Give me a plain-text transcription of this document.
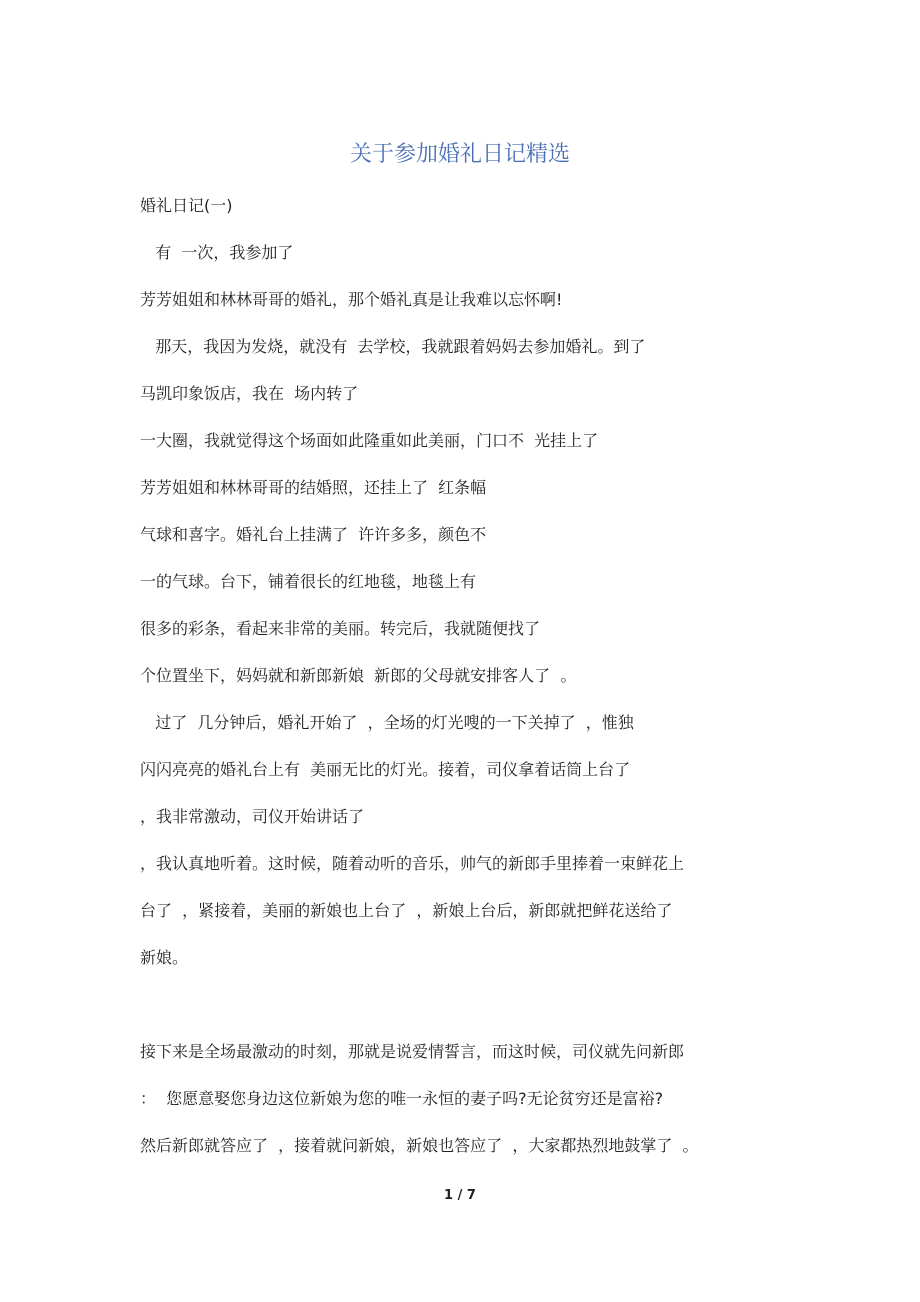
关于参加婚礼日记精选
婚礼日记(一)
有  一次，我参加了
芳芳姐姐和林林哥哥的婚礼，那个婚礼真是让我难以忘怀啊!
那天，我因为发烧，就没有  去学校，我就跟着妈妈去参加婚礼。到了
马凯印象饭店，我在  场内转了
一大圈，我就觉得这个场面如此隆重如此美丽，门口不  光挂上了
芳芳姐姐和林林哥哥的结婚照，还挂上了  红条幅
气球和喜字。婚礼台上挂满了  许许多多，颜色不
一的气球。台下，铺着很长的红地毯，地毯上有
很多的彩条，看起来非常的美丽。转完后，我就随便找了
个位置坐下，妈妈就和新郎新娘  新郎的父母就安排客人了  。
过了  几分钟后，婚礼开始了  ，全场的灯光嗖的一下关掉了  ，惟独
闪闪亮亮的婚礼台上有  美丽无比的灯光。接着，司仪拿着话筒上台了
，我非常激动，司仪开始讲话了
，我认真地听着。这时候，随着动听的音乐，帅气的新郎手里捧着一束鲜花上
台了  ，紧接着，美丽的新娘也上台了  ，新娘上台后，新郎就把鲜花送给了
新娘。
接下来是全场最激动的时刻，那就是说爱情誓言，而这时候，司仪就先问新郎
：  您愿意娶您身边这位新娘为您的唯一永恒的妻子吗?无论贫穷还是富裕?
然后新郎就答应了  ，接着就问新娘，新娘也答应了  ，大家都热烈地鼓掌了  。
1 / 7
